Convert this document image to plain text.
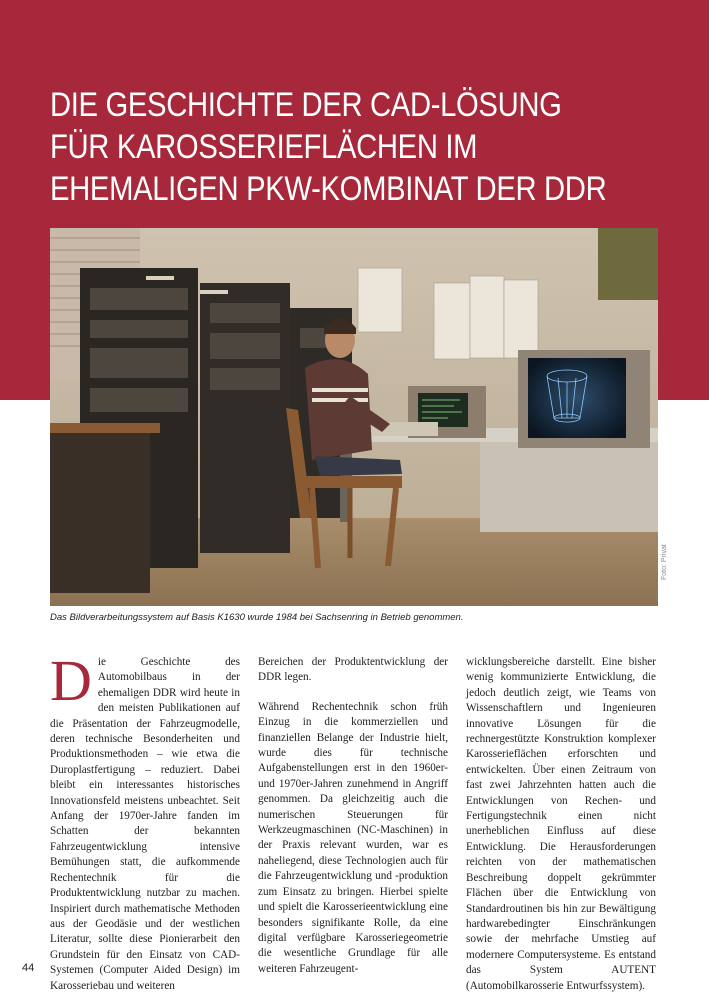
DIE GESCHICHTE DER CAD-LÖSUNG
FÜR KAROSSERIEFLÄCHEN IM
EHEMALIGEN PKW-KOMBINAT DER DDR
Foto: Privat
Das Bildverarbeitungssystem auf Basis K1630 wurde 1984 bei Sachsenring in Betrieb genommen.
D ie Geschichte des Automobilbaus in der ehemaligen DDR wird heute in den meisten Publikationen auf die Präsentation der Fahrzeugmodelle, deren technische Besonderheiten und Produktionsmethoden – wie etwa die Duroplastfertigung – reduziert. Dabei bleibt ein interessantes historisches Innovationsfeld meistens unbeachtet. Seit Anfang der 1970er-Jahre fanden im Schatten der bekannten Fahrzeugentwicklung intensive Bemühungen statt, die aufkommende Rechentechnik für die Produktentwicklung nutzbar zu machen. Inspiriert durch mathematische Methoden aus der Geodäsie und der westlichen Literatur, sollte diese Pionierarbeit den Grundstein für den Einsatz von CAD-Systemen (Computer Aided Design) im Karosseriebau und weiteren

Bereichen der Produktentwicklung der DDR legen.

Während Rechentechnik schon früh Einzug in die kommerziellen und finanziellen Belange der Industrie hielt, wurde dies für technische Aufgabenstellungen erst in den 1960er- und 1970er-Jahren zunehmend in Angriff genommen. Da gleichzeitig auch die numerischen Steuerungen für Werkzeugmaschinen (NC-Maschinen) in der Praxis relevant wurden, war es naheliegend, diese Technologien auch für die Fahrzeugentwicklung und -produktion zum Einsatz zu bringen. Hierbei spielte und spielt die Karosserieentwicklung eine besonders signifikante Rolle, da eine digital verfügbare Karosseriegeometrie die wesentliche Grundlage für alle weiteren Fahrzeugent-

wicklungsbereiche darstellt. Eine bisher wenig kommunizierte Entwicklung, die jedoch deutlich zeigt, wie Teams von Wissenschaftlern und Ingenieuren innovative Lösungen für die rechnergestützte Konstruktion komplexer Karosserieflächen erforschten und entwickelten. Über einen Zeitraum von fast zwei Jahrzehnten hatten auch die Entwicklungen von Rechen- und Fertigungstechnik einen nicht unerheblichen Einfluss auf diese Entwicklung. Die Herausforderungen reichten von der mathematischen Beschreibung doppelt gekrümmter Flächen über die Entwicklung von Standardroutinen bis hin zur Bewältigung hardwarebedingter Einschränkungen sowie der mehrfache Umstieg auf modernere Computersysteme. Es entstand das System AUTENT (Automobilkarosserie Entwurfssystem).

44
